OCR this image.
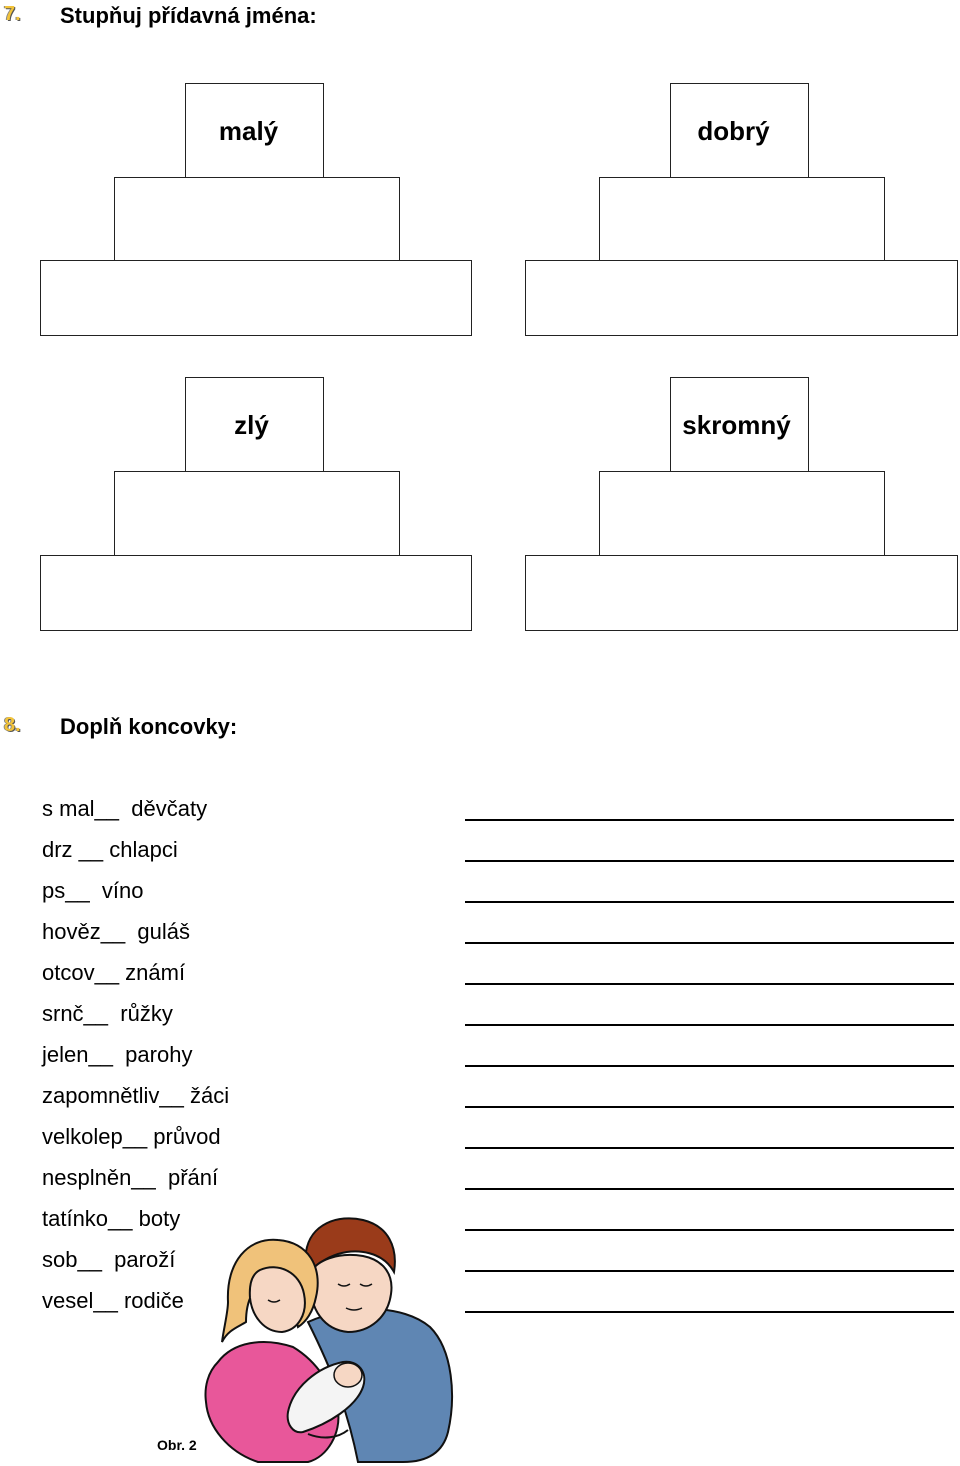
7. Stupňuj přídavná jména:
malý	dobrý
zlý	skromný
8. Doplň koncovky:
s mal__  děvčaty
drz __ chlapci
ps__  víno
hověz__  guláš
otcov__ známí
srnč__  růžky
jelen__  parohy
zapomnětliv__ žáci
velkolep__ průvod
nesplněn__  přání
tatínko__ boty
sob__  paroží
vesel__ rodiče
Obr. 2
